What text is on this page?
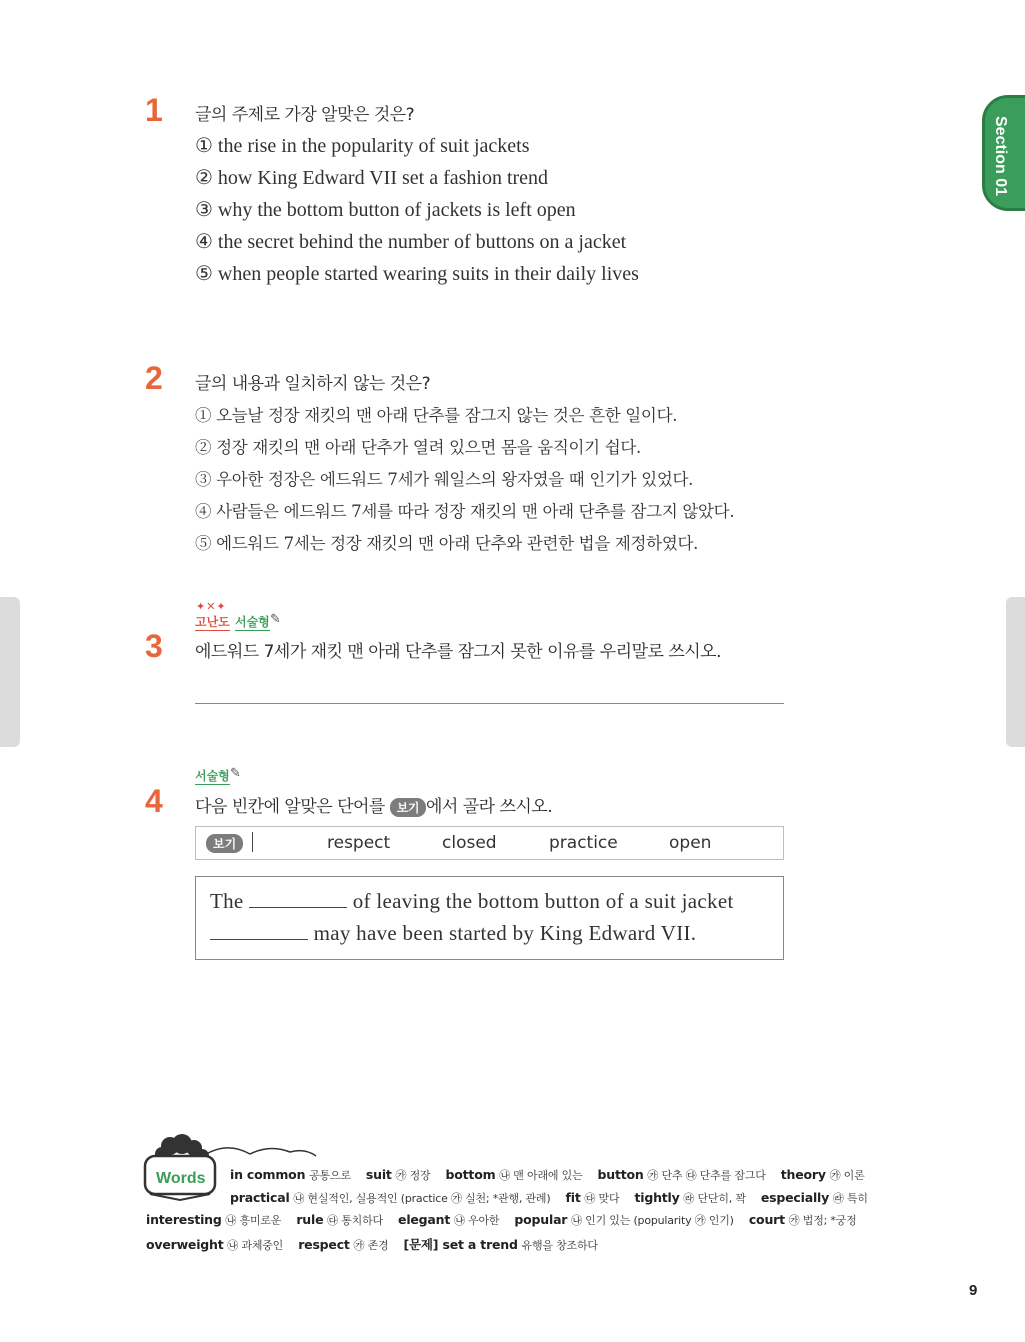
Section 01
1 글의 주제로 가장 알맞은 것은?
① the rise in the popularity of suit jackets
② how King Edward VII set a fashion trend
③ why the bottom button of jackets is left open
④ the secret behind the number of buttons on a jacket
⑤ when people started wearing suits in their daily lives
2 글의 내용과 일치하지 않는 것은?
① 오늘날 정장 재킷의 맨 아래 단추를 잠그지 않는 것은 흔한 일이다.
② 정장 재킷의 맨 아래 단추가 열려 있으면 몸을 움직이기 쉽다.
③ 우아한 정장은 에드워드 7세가 웨일스의 왕자였을 때 인기가 있었다.
④ 사람들은 에드워드 7세를 따라 정장 재킷의 맨 아래 단추를 잠그지 않았다.
⑤ 에드워드 7세는 정장 재킷의 맨 아래 단추와 관련한 법을 제정하였다.
✦✕✦
고난도 서술형 ✎
3 에드워드 7세가 재킷 맨 아래 단추를 잠그지 못한 이유를 우리말로 쓰시오.
서술형 ✎
4 다음 빈칸에 알맞은 단어를 보기 에서 골라 쓰시오.
보기	respect	closed	practice	open
The	of leaving the bottom button of a suit jacket
may have been started by King Edward VII.
Words in common 공통으로 suit ㉮ 정장 bottom ㉯ 맨 아래에 있는 button ㉮ 단추 ㉰ 단추를 잠그다 theory ㉮ 이론
practical ㉯ 현실적인, 실용적인 (practice ㉮ 실천; *관행, 관례) fit ㉰ 맞다 tightly ㉱ 단단히, 꽉 especially ㉱ 특히
interesting ㉯ 흥미로운 rule ㉰ 통치하다 elegant ㉯ 우아한 popular ㉯ 인기 있는 (popularity ㉮ 인기) court ㉮ 법정; *궁정
overweight ㉯ 과체중인 respect ㉮ 존경 [문제] set a trend 유행을 창조하다
9
